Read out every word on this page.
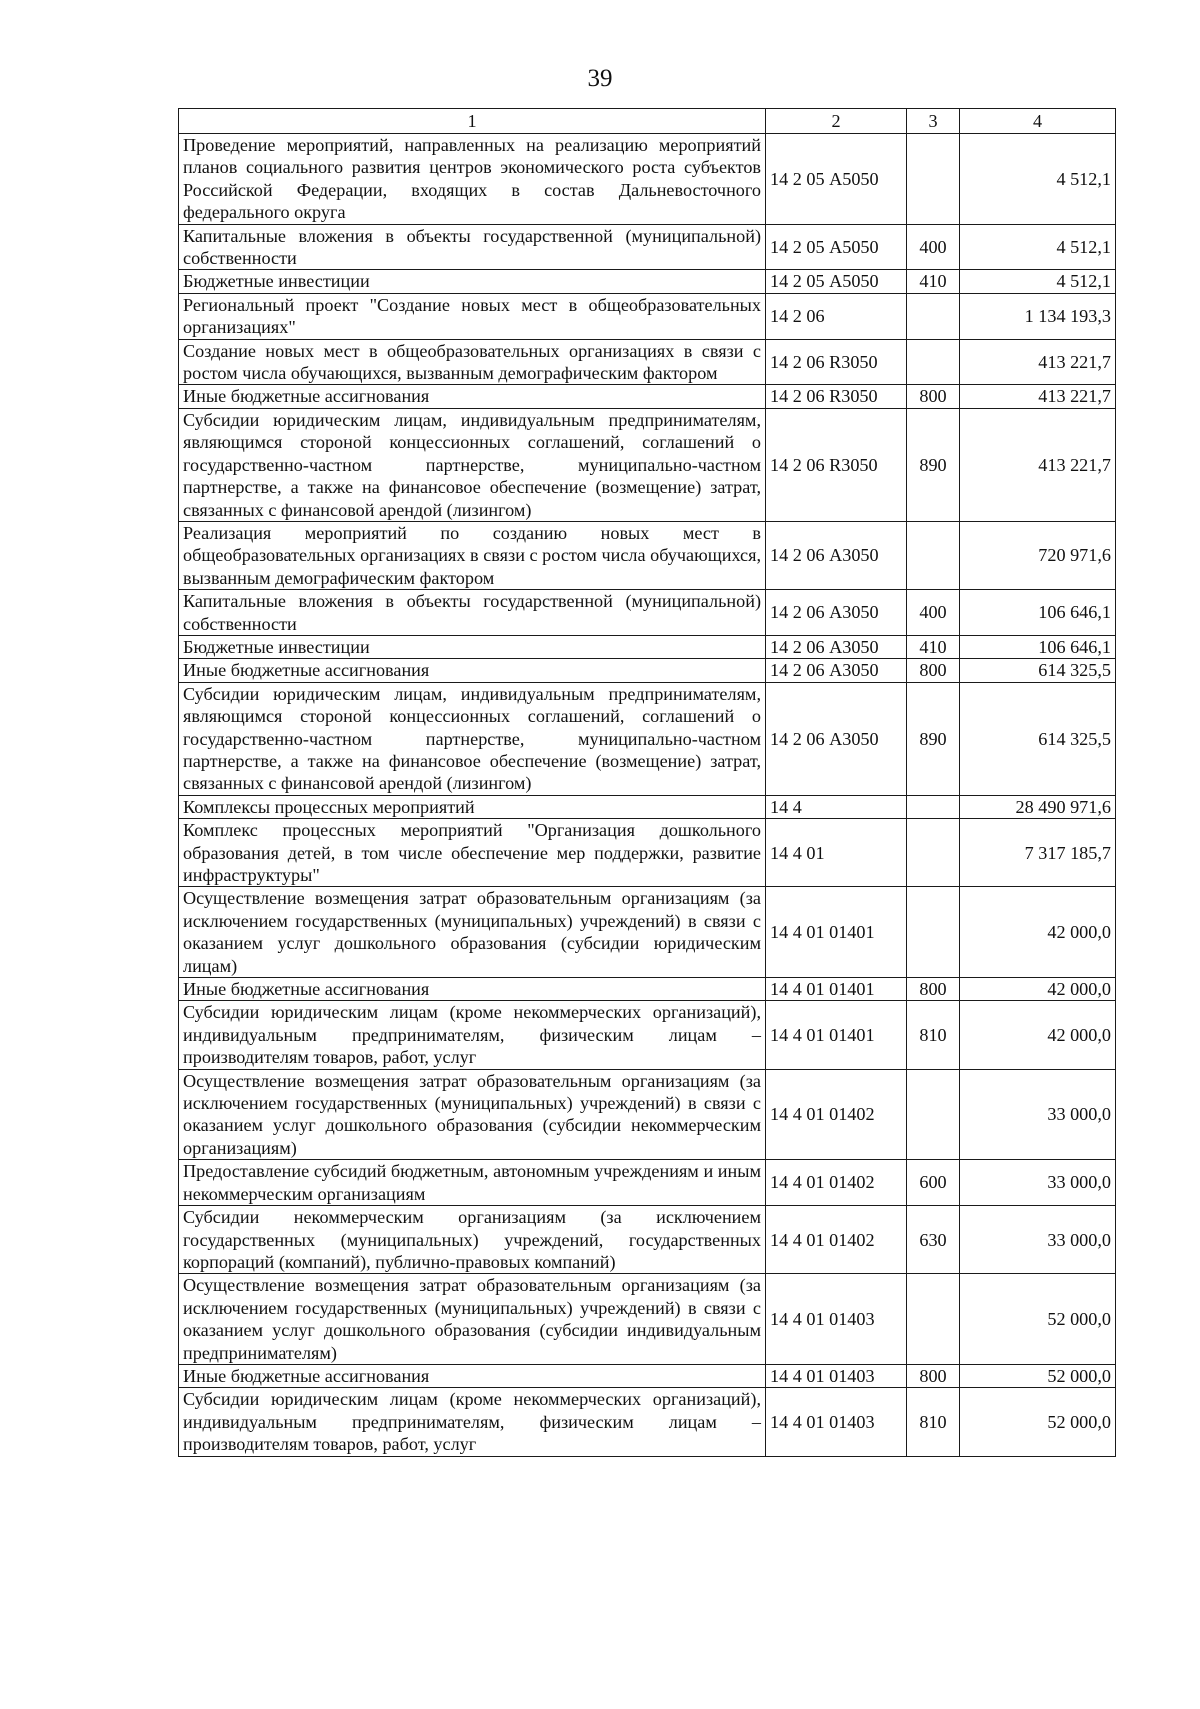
39
1	2	3	4
Проведение мероприятий, направленных на реализацию мероприятий планов социального развития центров экономического роста субъектов Российской Федерации, входящих в состав Дальневосточного федерального округа	14 2 05 А5050		4 512,1
Капитальные вложения в объекты государственной (муниципальной) собственности	14 2 05 А5050	400	4 512,1
Бюджетные инвестиции	14 2 05 А5050	410	4 512,1
Региональный проект "Создание новых мест в общеобразовательных организациях"	14 2 06		1 134 193,3
Создание новых мест в общеобразовательных организациях в связи с ростом числа обучающихся, вызванным демографическим фактором	14 2 06 R3050		413 221,7
Иные бюджетные ассигнования	14 2 06 R3050	800	413 221,7
Субсидии юридическим лицам, индивидуальным предпринимателям, являющимся стороной концессионных соглашений, соглашений о государственно-частном партнерстве, муниципально-частном партнерстве, а также на финансовое обеспечение (возмещение) затрат, связанных с финансовой арендой (лизингом)	14 2 06 R3050	890	413 221,7
Реализация мероприятий по созданию новых мест в общеобразовательных организациях в связи с ростом числа обучающихся, вызванным демографическим фактором	14 2 06 А3050		720 971,6
Капитальные вложения в объекты государственной (муниципальной) собственности	14 2 06 А3050	400	106 646,1
Бюджетные инвестиции	14 2 06 А3050	410	106 646,1
Иные бюджетные ассигнования	14 2 06 А3050	800	614 325,5
Субсидии юридическим лицам, индивидуальным предпринимателям, являющимся стороной концессионных соглашений, соглашений о государственно-частном партнерстве, муниципально-частном партнерстве, а также на финансовое обеспечение (возмещение) затрат, связанных с финансовой арендой (лизингом)	14 2 06 А3050	890	614 325,5
Комплексы процессных мероприятий	14 4		28 490 971,6
Комплекс процессных мероприятий "Организация дошкольного образования детей, в том числе обеспечение мер поддержки, развитие инфраструктуры"	14 4 01		7 317 185,7
Осуществление возмещения затрат образовательным организациям (за исключением государственных (муниципальных) учреждений) в связи с оказанием услуг дошкольного образования (субсидии юридическим лицам)	14 4 01 01401		42 000,0
Иные бюджетные ассигнования	14 4 01 01401	800	42 000,0
Субсидии юридическим лицам (кроме некоммерческих организаций), индивидуальным предпринимателям, физическим лицам – производителям товаров, работ, услуг	14 4 01 01401	810	42 000,0
Осуществление возмещения затрат образовательным организациям (за исключением государственных (муниципальных) учреждений) в связи с оказанием услуг дошкольного образования (субсидии некоммерческим организациям)	14 4 01 01402		33 000,0
Предоставление субсидий бюджетным, автономным учреждениям и иным некоммерческим организациям	14 4 01 01402	600	33 000,0
Субсидии некоммерческим организациям (за исключением государственных (муниципальных) учреждений, государственных корпораций (компаний), публично-правовых компаний)	14 4 01 01402	630	33 000,0
Осуществление возмещения затрат образовательным организациям (за исключением государственных (муниципальных) учреждений) в связи с оказанием услуг дошкольного образования (субсидии индивидуальным предпринимателям)	14 4 01 01403		52 000,0
Иные бюджетные ассигнования	14 4 01 01403	800	52 000,0
Субсидии юридическим лицам (кроме некоммерческих организаций), индивидуальным предпринимателям, физическим лицам – производителям товаров, работ, услуг	14 4 01 01403	810	52 000,0
